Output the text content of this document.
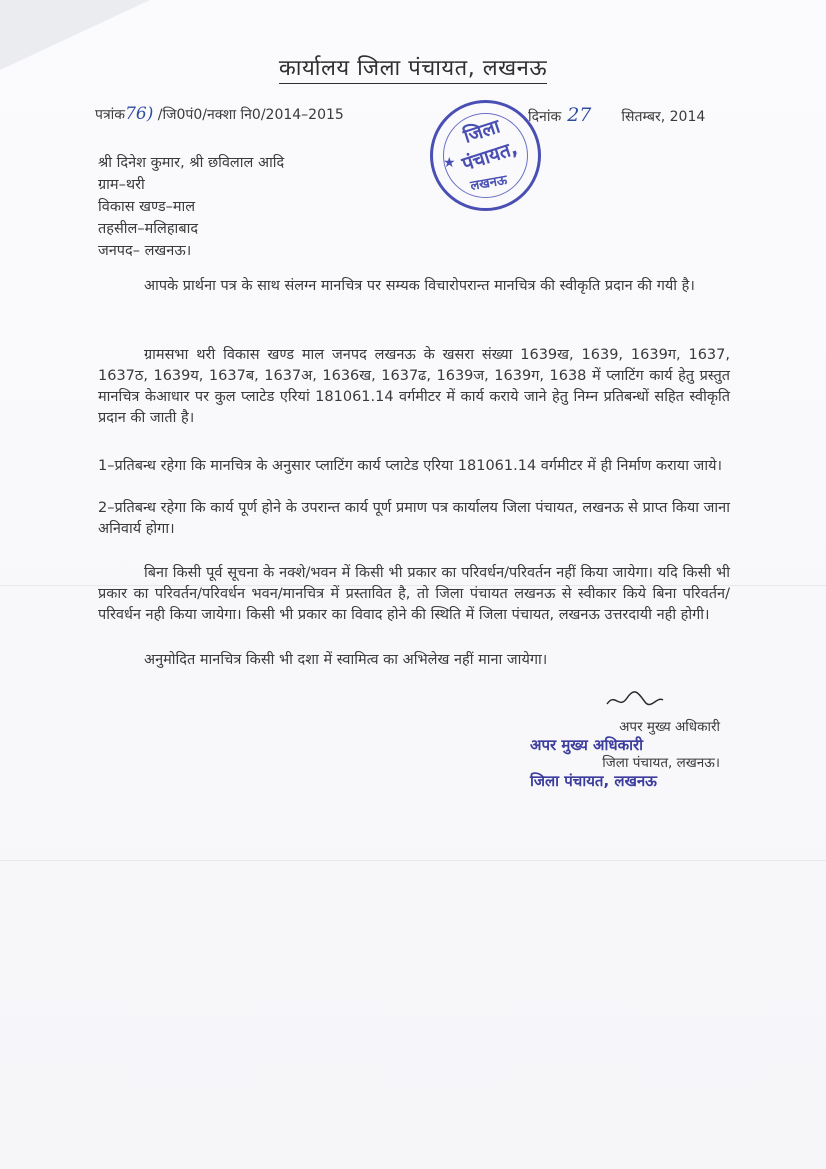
कार्यालय जिला पंचायत, लखनऊ
पत्रांक76) /जि0पं0/नक्शा नि0/2014–2015
जिला पंचायत,
★
लखनऊ
दिनांक 27 सितम्बर, 2014
श्री दिनेश कुमार, श्री छविलाल आदि
ग्राम–थरी
विकास खण्ड–माल
तहसील–मलिहाबाद
जनपद– लखनऊ।
आपके प्रार्थना पत्र के साथ संलग्न मानचित्र पर सम्यक विचारोपरान्त मानचित्र की स्वीकृति प्रदान की गयी है।
ग्रामसभा थरी विकास खण्ड माल जनपद लखनऊ के खसरा संख्या 1639ख, 1639, 1639ग, 1637, 1637ठ, 1639य, 1637ब, 1637अ, 1636ख, 1637ढ, 1639ज, 1639ग, 1638 में प्लाटिंग कार्य हेतु प्रस्तुत मानचित्र केआधार पर कुल प्लाटेड एरियां 181061.14 वर्गमीटर में कार्य कराये जाने हेतु निम्न प्रतिबन्धों सहित स्वीकृति प्रदान की जाती है।
1–प्रतिबन्ध रहेगा कि मानचित्र के अनुसार प्लाटिंग कार्य प्लाटेड एरिया 181061.14 वर्गमीटर में ही निर्माण कराया जाये।
2–प्रतिबन्ध रहेगा कि कार्य पूर्ण होने के उपरान्त कार्य पूर्ण प्रमाण पत्र कार्यालय जिला पंचायत, लखनऊ से प्राप्त किया जाना अनिवार्य होगा।
बिना किसी पूर्व सूचना के नक्शे/भवन में किसी भी प्रकार का परिवर्धन/परिवर्तन नहीं किया जायेगा। यदि किसी भी प्रकार का परिवर्तन/परिवर्धन भवन/मानचित्र में प्रस्तावित है, तो जिला पंचायत लखनऊ से स्वीकार किये बिना परिवर्तन/परिवर्धन नही किया जायेगा। किसी भी प्रकार का विवाद होने की स्थिति में जिला पंचायत, लखनऊ उत्तरदायी नही होगी।
अनुमोदित मानचित्र किसी भी दशा में स्वामित्व का अभिलेख नहीं माना जायेगा।
अपर मुख्य अधिकारी
अपर मुख्य अधिकारी
जिला पंचायत, लखनऊ।
जिला पंचायत, लखनऊ
